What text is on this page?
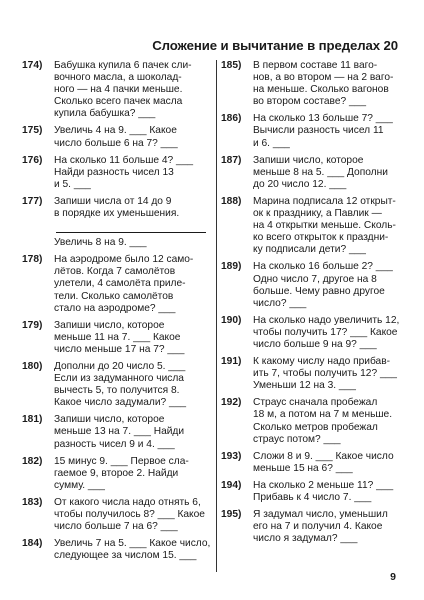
Сложение и вычитание в пределах 20
174)	Бабушка купила 6 пачек сли-
вочного масла, а шоколад-
ного — на 4 пачки меньше.
Сколько всего пачек масла
купила бабушка? ___
175)	Увеличь 4 на 9. ___ Какое
число больше 6 на 7? ___
176)	На сколько 11 больше 4? ___
Найди разность чисел 13
и 5. ___
177)	Запиши числа от 14 до 9
в порядке их уменьшения.
Увеличь 8 на 9. ___
178)	На аэродроме было 12 само-
лётов. Когда 7 самолётов
улетели, 4 самолёта приле-
тели. Сколько самолётов
стало на аэродроме? ___
179)	Запиши число, которое
меньше 11 на 7. ___ Какое
число меньше 17 на 7? ___
180)	Дополни до 20 число 5. ___
Если из задуманного числа
вычесть 5, то получится 8.
Какое число задумали? ___
181)	Запиши число, которое
меньше 13 на 7. ___ Найди
разность чисел 9 и 4. ___
182)	15 минус 9. ___ Первое сла-
гаемое 9, второе 2. Найди
сумму. ___
183)	От какого числа надо отнять 6,
чтобы получилось 8? ___ Какое
число больше 7 на 6? ___
184)	Увеличь 7 на 5. ___ Какое число,
следующее за числом 15. ___
185)	В первом составе 11 ваго-
нов, а во втором — на 2 ваго-
на меньше. Сколько вагонов
во втором составе? ___
186)	На сколько 13 больше 7? ___
Вычисли разность чисел 11
и 6. ___
187)	Запиши число, которое
меньше 8 на 5. ___ Дополни
до 20 число 12. ___
188)	Марина подписала 12 открыт-
ок к празднику, а Павлик —
на 4 открытки меньше. Сколь-
ко всего открыток к праздни-
ку подписали дети? ___
189)	На сколько 16 больше 2? ___
Одно число 7, другое на 8
больше. Чему равно другое
число? ___
190)	На сколько надо увеличить 12,
чтобы получить 17? ___ Какое
число больше 9 на 9? ___
191)	К какому числу надо прибав-
ить 7, чтобы получить 12? ___
Уменьши 12 на 3. ___
192)	Страус сначала пробежал
18 м, а потом на 7 м меньше.
Сколько метров пробежал
страус потом? ___
193)	Сложи 8 и 9. ___ Какое число
меньше 15 на 6? ___
194)	На сколько 2 меньше 11? ___
Прибавь к 4 число 7. ___
195)	Я задумал число, уменьшил
его на 7 и получил 4. Какое
число я задумал? ___
9
